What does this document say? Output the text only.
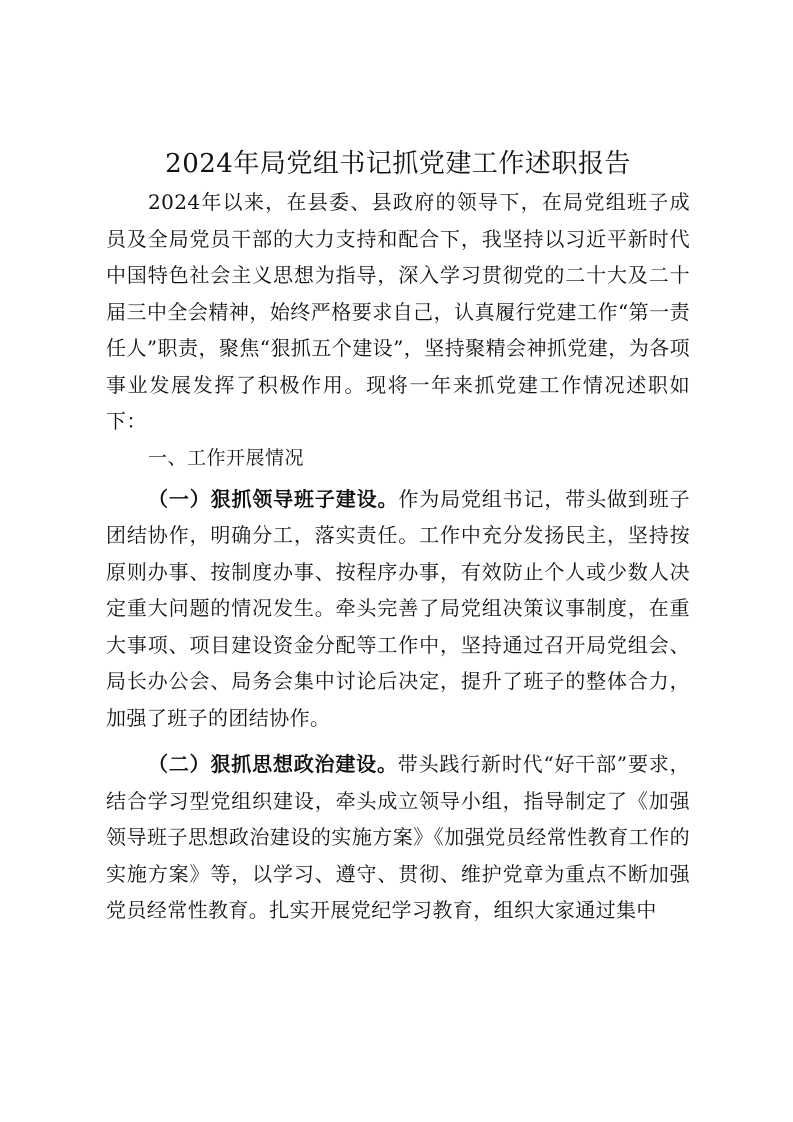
2024年局党组书记抓党建工作述职报告

2024年以来，在县委、县政府的领导下，在局党组班子成员及全局党员干部的大力支持和配合下，我坚持以习近平新时代中国特色社会主义思想为指导，深入学习贯彻党的二十大及二十届三中全会精神，始终严格要求自己，认真履行党建工作“第一责任人”职责，聚焦“狠抓五个建设”，坚持聚精会神抓党建，为各项事业发展发挥了积极作用。现将一年来抓党建工作情况述职如下：

一、工作开展情况

（一）狠抓领导班子建设。作为局党组书记，带头做到班子团结协作，明确分工，落实责任。工作中充分发扬民主，坚持按原则办事、按制度办事、按程序办事，有效防止个人或少数人决定重大问题的情况发生。牵头完善了局党组决策议事制度，在重大事项、项目建设资金分配等工作中，坚持通过召开局党组会、局长办公会、局务会集中讨论后决定，提升了班子的整体合力，加强了班子的团结协作。

（二）狠抓思想政治建设。带头践行新时代“好干部”要求，结合学习型党组织建设，牵头成立领导小组，指导制定了《加强领导班子思想政治建设的实施方案》《加强党员经常性教育工作的实施方案》等，以学习、遵守、贯彻、维护党章为重点不断加强党员经常性教育。扎实开展党纪学习教育，组织大家通过集中
